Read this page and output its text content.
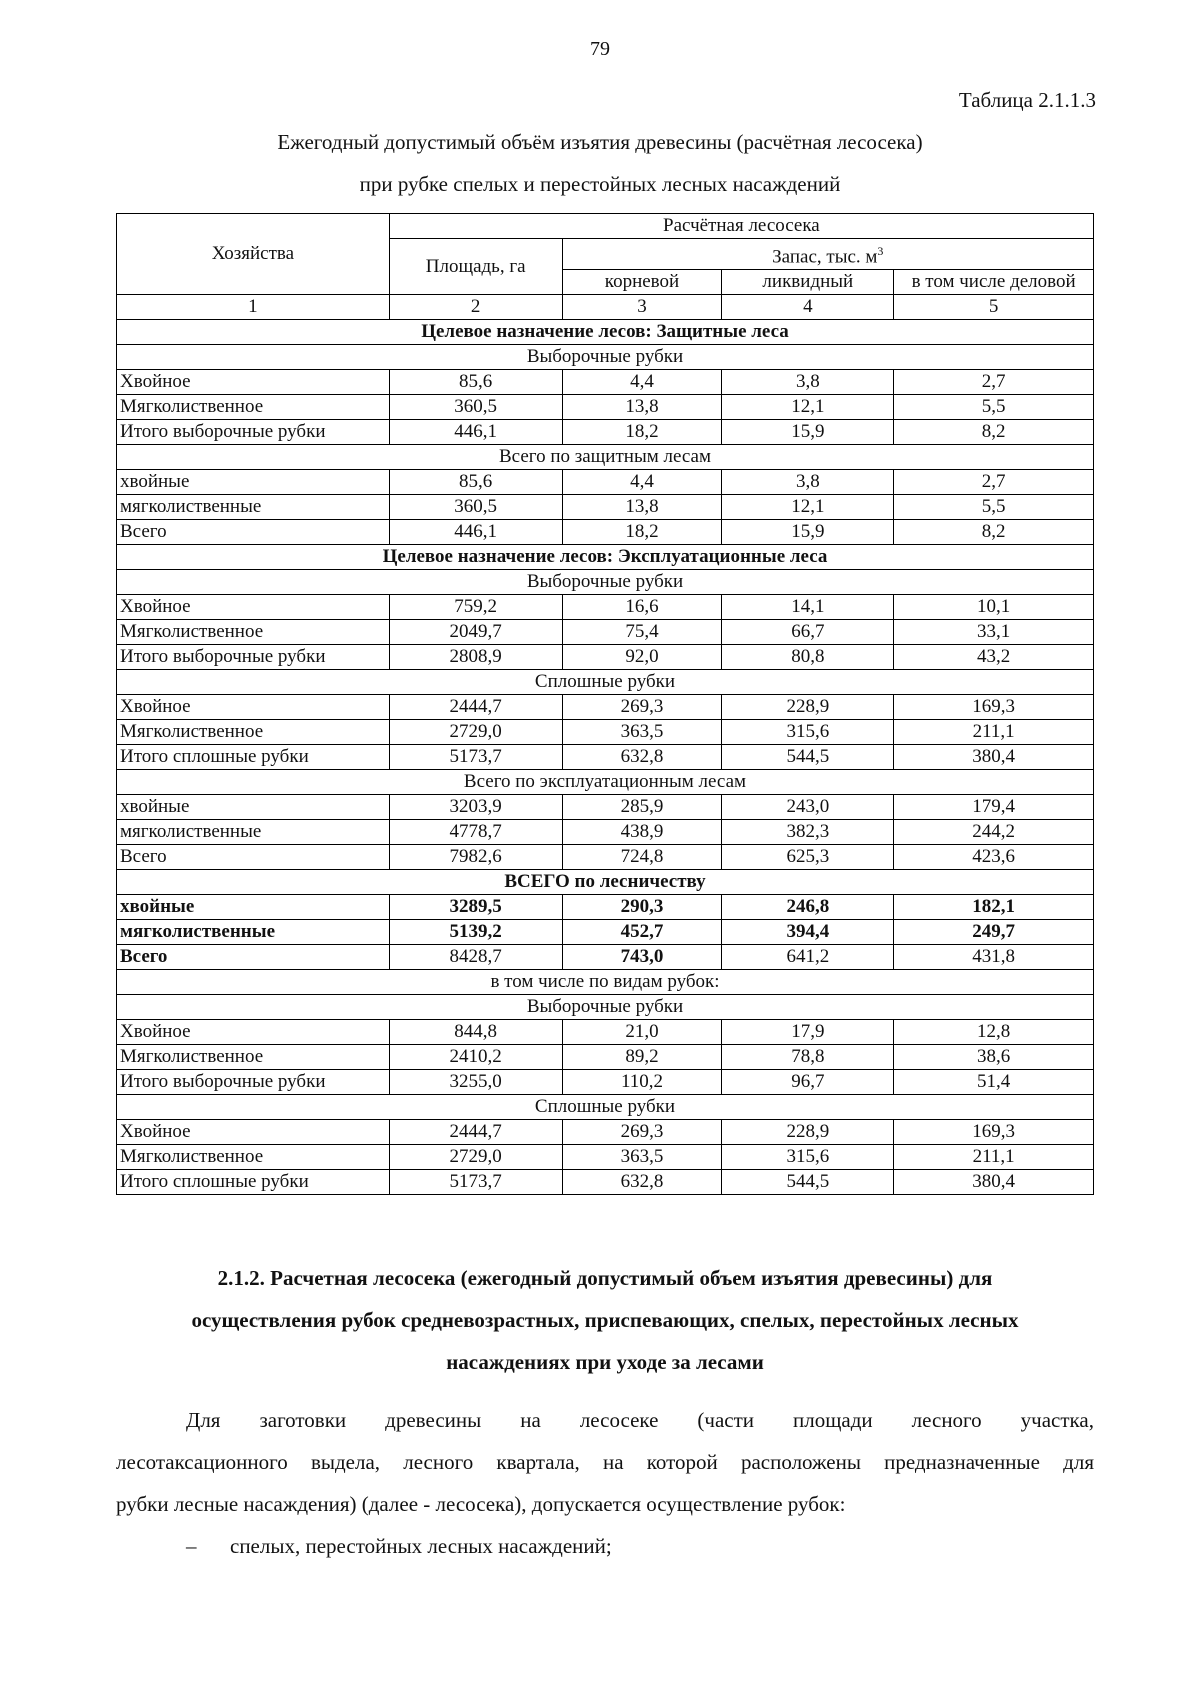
79
Таблица 2.1.1.3
Ежегодный допустимый объём изъятия древесины (расчётная лесосека)
при рубке спелых и перестойных лесных насаждений
Хозяйства	Расчётная лесосека			
	Площадь, га	Запас, тыс. $м^3$
		корневой	ликвидный	в том числе деловой
1	2	3	4	5
Целевое назначение лесов: Защитные леса				
Выборочные рубки				
Хвойное	85,6	4,4	3,8	2,7
Мягколиственное	360,5	13,8	12,1	5,5
Итого выборочные рубки	446,1	18,2	15,9	8,2
Всего по защитным лесам				
хвойные	85,6	4,4	3,8	2,7
мягколиственные	360,5	13,8	12,1	5,5
Всего	446,1	18,2	15,9	8,2
Целевое назначение лесов: Эксплуатационные леса				
Выборочные рубки				
Хвойное	759,2	16,6	14,1	10,1
Мягколиственное	2049,7	75,4	66,7	33,1
Итого выборочные рубки	2808,9	92,0	80,8	43,2
Сплошные рубки				
Хвойное	2444,7	269,3	228,9	169,3
Мягколиственное	2729,0	363,5	315,6	211,1
Итого сплошные рубки	5173,7	632,8	544,5	380,4
Всего по эксплуатационным лесам				
хвойные	3203,9	285,9	243,0	179,4
мягколиственные	4778,7	438,9	382,3	244,2
Всего	7982,6	724,8	625,3	423,6
ВСЕГО по лесничеству				
хвойные	3289,5	290,3	246,8	182,1
мягколиственные	5139,2	452,7	394,4	249,7
Всего	8428,7	743,0	641,2	431,8
в том числе по видам рубок:				
Выборочные рубки				
Хвойное	844,8	21,0	17,9	12,8
Мягколиственное	2410,2	89,2	78,8	38,6
Итого выборочные рубки	3255,0	110,2	96,7	51,4
Сплошные рубки				
Хвойное	2444,7	269,3	228,9	169,3
Мягколиственное	2729,0	363,5	315,6	211,1
Итого сплошные рубки	5173,7	632,8	544,5	380,4
2.1.2. Расчетная лесосека (ежегодный допустимый объем изъятия древесины) для
осуществления рубок средневозрастных, приспевающих, спелых, перестойных лесных
насаждениях при уходе за лесами
Для заготовки древесины на лесосеке (части площади лесного участка,
лесотаксационного выдела, лесного квартала, на которой расположены предназначенные для
рубки лесные насаждения) (далее - лесосека), допускается осуществление рубок:
– спелых, перестойных лесных насаждений;
